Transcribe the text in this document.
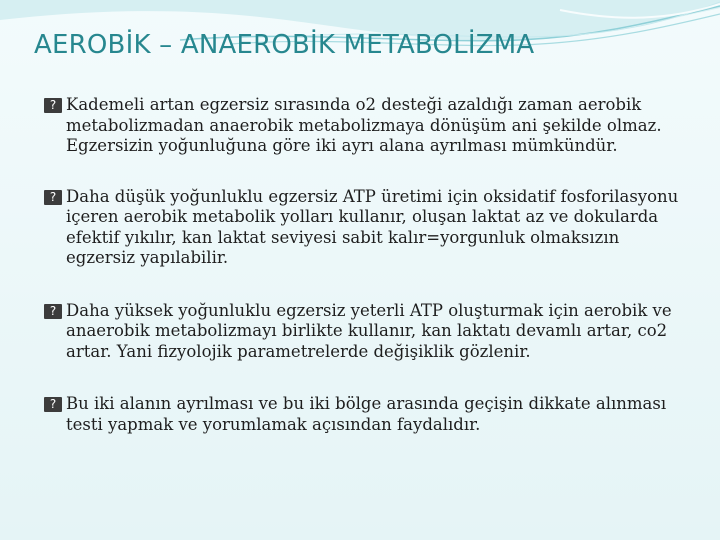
AEROBİK – ANAEROBİK METABOLİZMA
? Kademeli artan egzersiz sırasında o2 desteği azaldığı zaman aerobik metabolizmadan anaerobik metabolizmaya dönüşüm ani şekilde olmaz. Egzersizin yoğunluğuna göre iki ayrı alana ayrılması mümkündür.
? Daha düşük yoğunluklu egzersiz ATP üretimi için oksidatif fosforilasyonu içeren aerobik metabolik yolları kullanır, oluşan laktat az ve dokularda efektif yıkılır, kan laktat seviyesi sabit kalır=yorgunluk olmaksızın egzersiz yapılabilir.
? Daha yüksek yoğunluklu egzersiz yeterli ATP oluşturmak için aerobik ve anaerobik metabolizmayı birlikte kullanır, kan laktatı devamlı artar, co2 artar. Yani fizyolojik parametrelerde değişiklik gözlenir.
? Bu iki alanın ayrılması ve bu iki bölge arasında geçişin dikkate alınması testi yapmak ve yorumlamak açısından faydalıdır.
